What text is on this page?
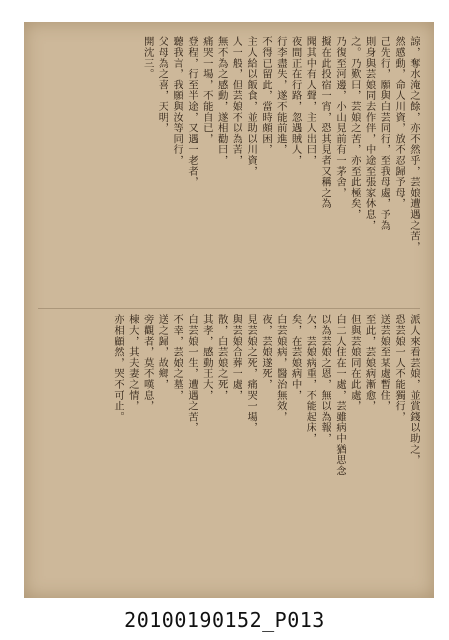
諒，奪水淹之餘，亦不然乎，芸娘遭遇之苦，
然感動，命人川資，放不忍歸予母，
己先行，願與白芸同行，至我母處，予為
則身與芸娘同去作伴，中途至張家休息，
之。乃歎曰，芸娘之苦，亦至此極矣，
乃復至河邊，小山見前有一茅舍，
擬在此投宿一宵，恐其見者又稱之為
聞其中有人聲，主人出曰，
夜間正在行路，忽遇賊人，
行李盡失，遂不能前進，
不得已留此，當時頗困，
主人給以飯食，並助以川資，
人一般，但芸娘不以為苦，
無不為之感動，遂相勸曰，
痛哭一場，不能自已，
登程，行至半途，又遇一老者，
聽我言，我願與汝等同行，
父母為之喜，天明，
開沈三。
派人來看芸娘，並賞錢以助之，
恐芸娘一人不能獨行，
送芸娘至某處暫住，
至此，芸娘病漸愈，
但與芸娘同在此處，
白二人住在一處，芸雖病中猶思念
以為芸娘之恩，無以為報，
欠，芸娘病重，不能起床，
矣，在芸娘病中，
白芸娘病，醫治無效，
夜，芸娘遂死，
見芸娘之死，痛哭一場，
與芸娘合葬一處，
散，白芸娘之死，
其孝，感動王大，
白芸娘一生，遭遇之苦，
不幸，芸娘之墓，
送之歸，故鄉，
旁觀者，莫不嘆息，
棟大，其夫妻之情，
亦相顧然，哭不可止。
20100190152_P013
